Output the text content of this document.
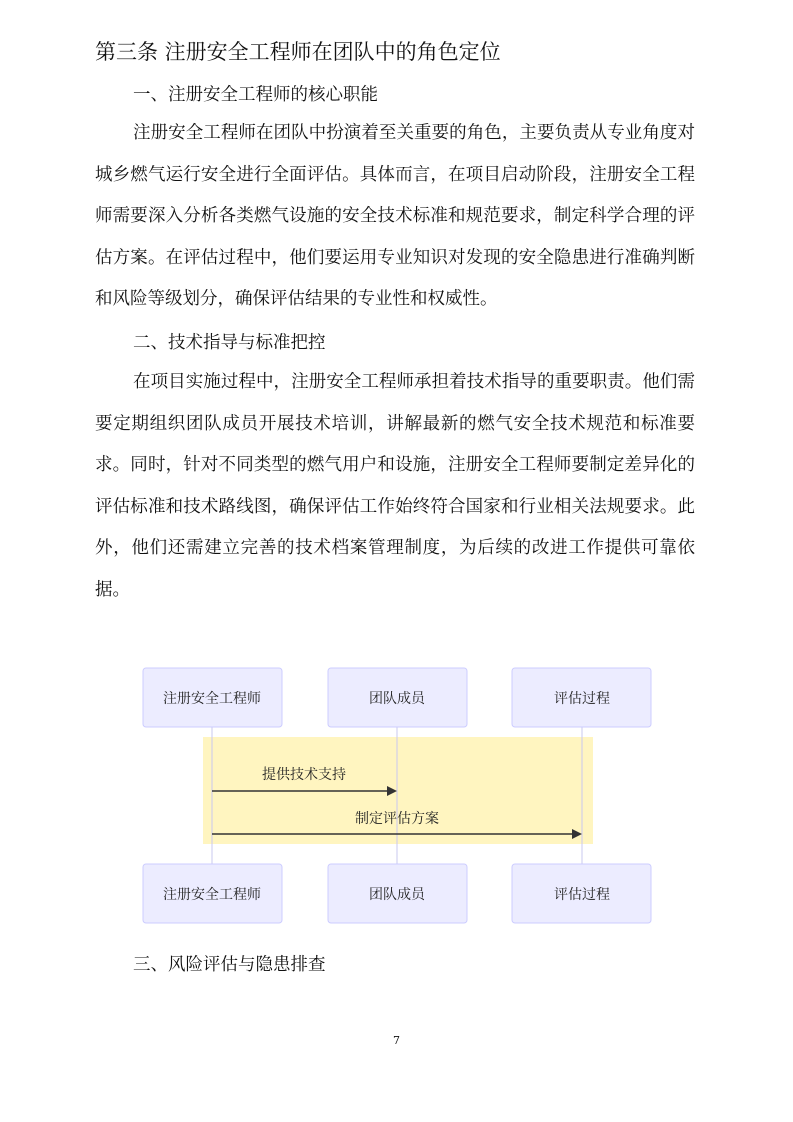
第三条 注册安全工程师在团队中的角色定位
一、注册安全工程师的核心职能

注册安全工程师在团队中扮演着至关重要的角色，主要负责从专业角度对城乡燃气运行安全进行全面评估。具体而言，在项目启动阶段，注册安全工程师需要深入分析各类燃气设施的安全技术标准和规范要求，制定科学合理的评估方案。在评估过程中，他们要运用专业知识对发现的安全隐患进行准确判断和风险等级划分，确保评估结果的专业性和权威性。

二、技术指导与标准把控

在项目实施过程中，注册安全工程师承担着技术指导的重要职责。他们需要定期组织团队成员开展技术培训，讲解最新的燃气安全技术规范和标准要求。同时，针对不同类型的燃气用户和设施，注册安全工程师要制定差异化的评估标准和技术路线图，确保评估工作始终符合国家和行业相关法规要求。此外，他们还需建立完善的技术档案管理制度，为后续的改进工作提供可靠依据。

注册安全工程师	团队成员	评估过程
提供技术支持
制定评估方案
注册安全工程师	团队成员	评估过程
三、风险评估与隐患排查
7
